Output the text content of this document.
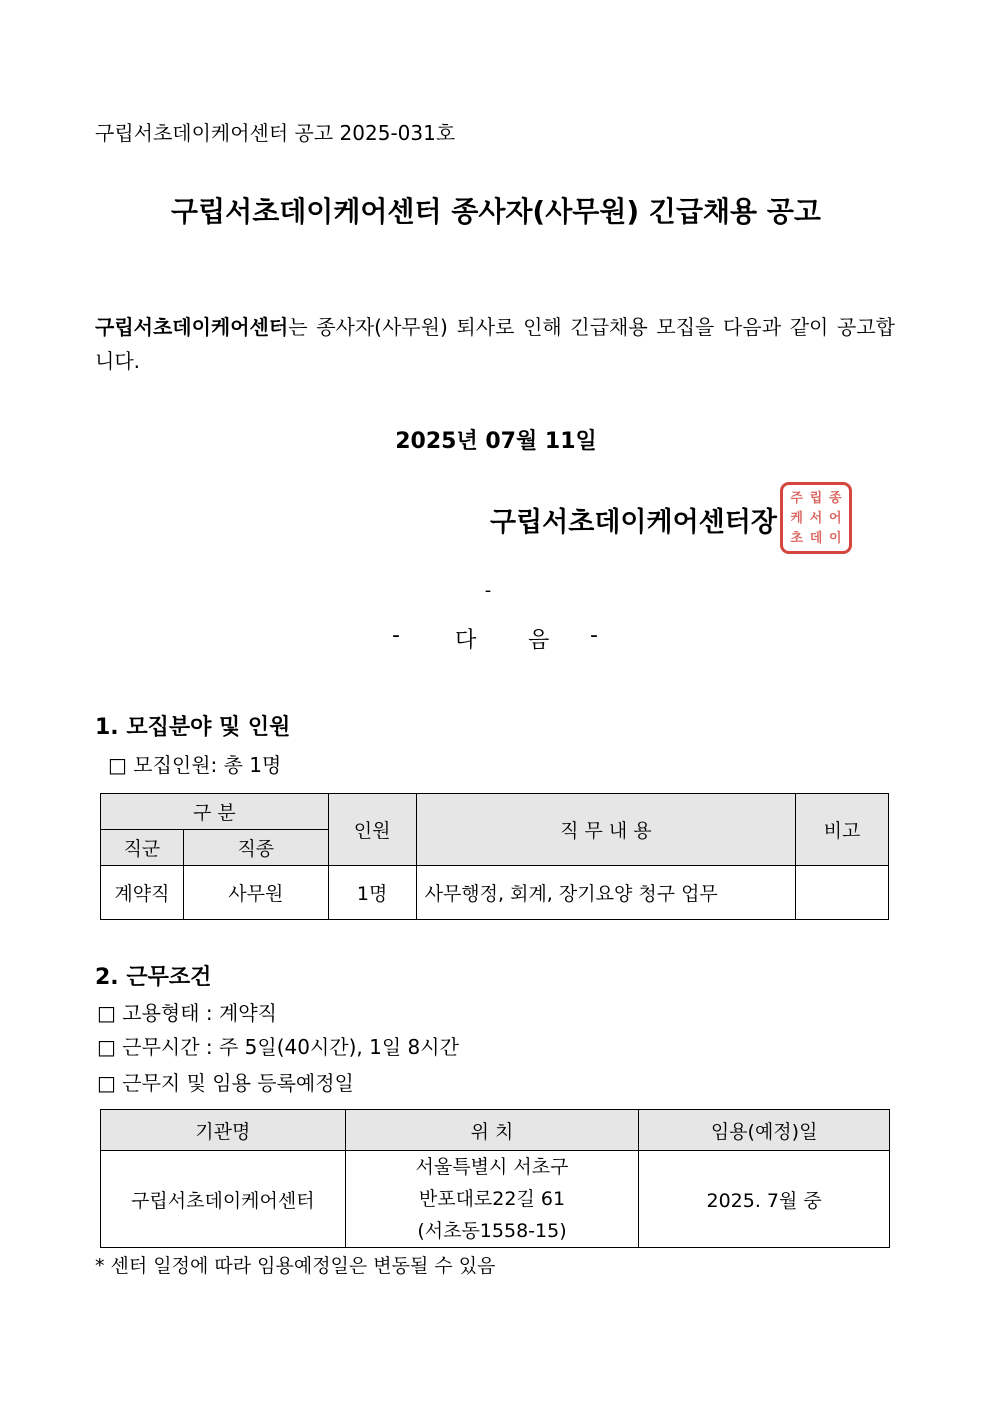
구립서초데이케어센터 공고 2025-031호
구립서초데이케어센터 종사자(사무원) 긴급채용 공고
구립서초데이케어센터는 종사자(사무원) 퇴사로 인해 긴급채용 모집을 다음과 같이 공고합니다.
2025년 07월 11일
구립서초데이케어센터장
주 립 종
케 서 어
초 데 이
-
-	다 음 -
1. 모집분야 및 인원
□ 모집인원: 총 1명
구 분		인원	직 무 내 용	비고
직군	직종			
계약직	사무원	1명	사무행정, 회계, 장기요양 청구 업무	
2. 근무조건
□ 고용형태 : 계약직
□ 근무시간 : 주 5일(40시간), 1일 8시간
□ 근무지 및 임용 등록예정일
기관명	위 치	임용(예정)일
구립서초데이케어센터	서울특별시 서초구
반포대로22길 61
(서초동1558-15)	2025. 7월 중
* 센터 일정에 따라 임용예정일은 변동될 수 있음
